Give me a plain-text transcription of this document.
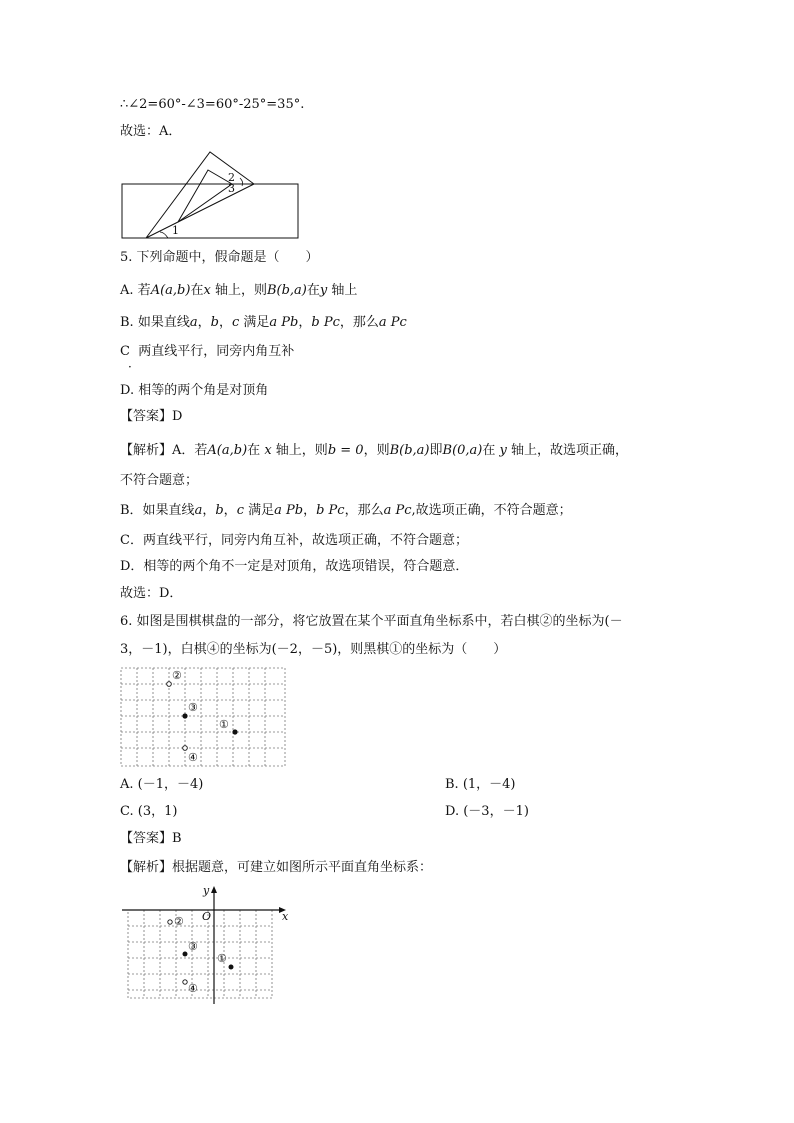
∴∠2=60°-∠3=60°-25°=35°.
故选：A．
1
2
3
5. 下列命题中，假命题是（　　）
A. 若A(a,b)在x 轴上，则B(b,a)在y 轴上
B. 如果直线a，b，c 满足a Pb，b Pc，那么a Pc
C 两直线平行，同旁内角互补
·
D. 相等的两个角是对顶角
【答案】D
【解析】A．若A(a,b)在 x 轴上，则b = 0，则B(b,a)即B(0,a)在 y 轴上，故选项正确，
不符合题意；
B．如果直线a，b，c 满足a Pb，b Pc，那么a Pc,故选项正确，不符合题意；
C．两直线平行，同旁内角互补，故选项正确，不符合题意；
D．相等的两个角不一定是对顶角，故选项错误，符合题意．
故选：D．
6. 如图是围棋棋盘的一部分，将它放置在某个平面直角坐标系中，若白棋②的坐标为(－
3，－1)，白棋④的坐标为(－2，－5)，则黑棋①的坐标为（　　）
②
③
①
④
A. (－1，－4)	B. (1，－4)
C. (3，1)	D. (－3，－1)
【答案】B
【解析】根据题意，可建立如图所示平面直角坐标系：
x
y
O
②
③
①
④
